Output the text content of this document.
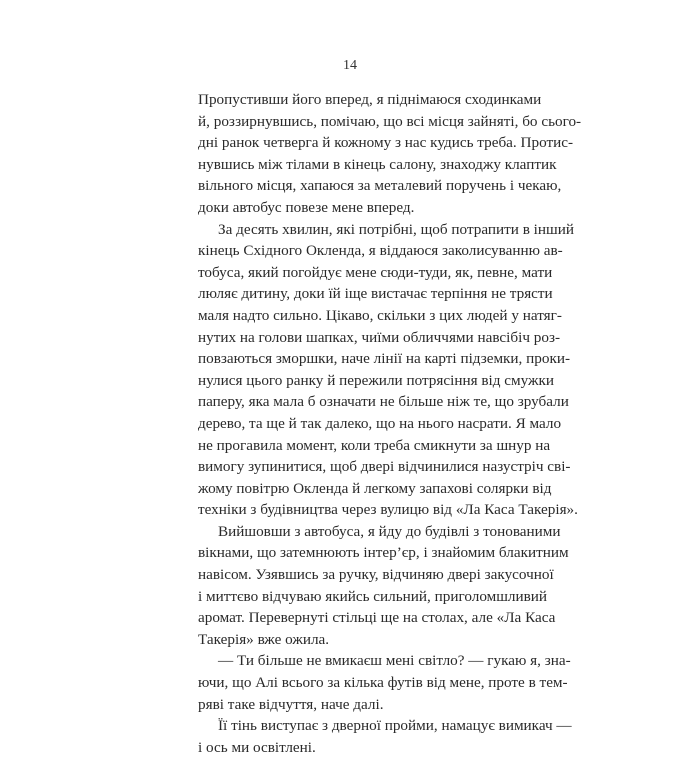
14
Пропустивши його вперед, я піднімаюся сходинками
й, роззирнувшись, помічаю, що всі місця зайняті, бо сього-
дні ранок четверга й кожному з нас кудись треба. Протис-
нувшись між тілами в кінець салону, знаходжу клаптик
вільного місця, хапаюся за металевий поручень і чекаю,
доки автобус повезе мене вперед.
За десять хвилин, які потрібні, щоб потрапити в інший
кінець Східного Окленда, я віддаюся заколисуванню ав-
тобуса, який погойдує мене сюди-туди, як, певне, мати
люляє дитину, доки їй іще вистачає терпіння не трясти
маля надто сильно. Цікаво, скільки з цих людей у натяг-
нутих на голови шапках, чиїми обличчями навсібіч роз-
повзаються зморшки, наче лінії на карті підземки, проки-
нулися цього ранку й пережили потрясіння від смужки
паперу, яка мала б означати не більше ніж те, що зрубали
дерево, та ще й так далеко, що на нього насрати. Я мало
не прогавила момент, коли треба смикнути за шнур на
вимогу зупинитися, щоб двері відчинилися назустріч сві-
жому повітрю Окленда й легкому запахові солярки від
техніки з будівництва через вулицю від «Ла Каса Такерія».
Вийшовши з автобуса, я йду до будівлі з тонованими
вікнами, що затемнюють інтер’єр, і знайомим блакитним
навісом. Узявшись за ручку, відчиняю двері закусочної
і миттєво відчуваю якийсь сильний, приголомшливий
аромат. Перевернуті стільці ще на столах, але «Ла Каса
Такерія» вже ожила.
— Ти більше не вмикаєш мені світло? — гукаю я, зна-
ючи, що Алі всього за кілька футів від мене, проте в тем-
ряві таке відчуття, наче далі.
Її тінь виступає з дверної пройми, намацує вимикач —
і ось ми освітлені.
